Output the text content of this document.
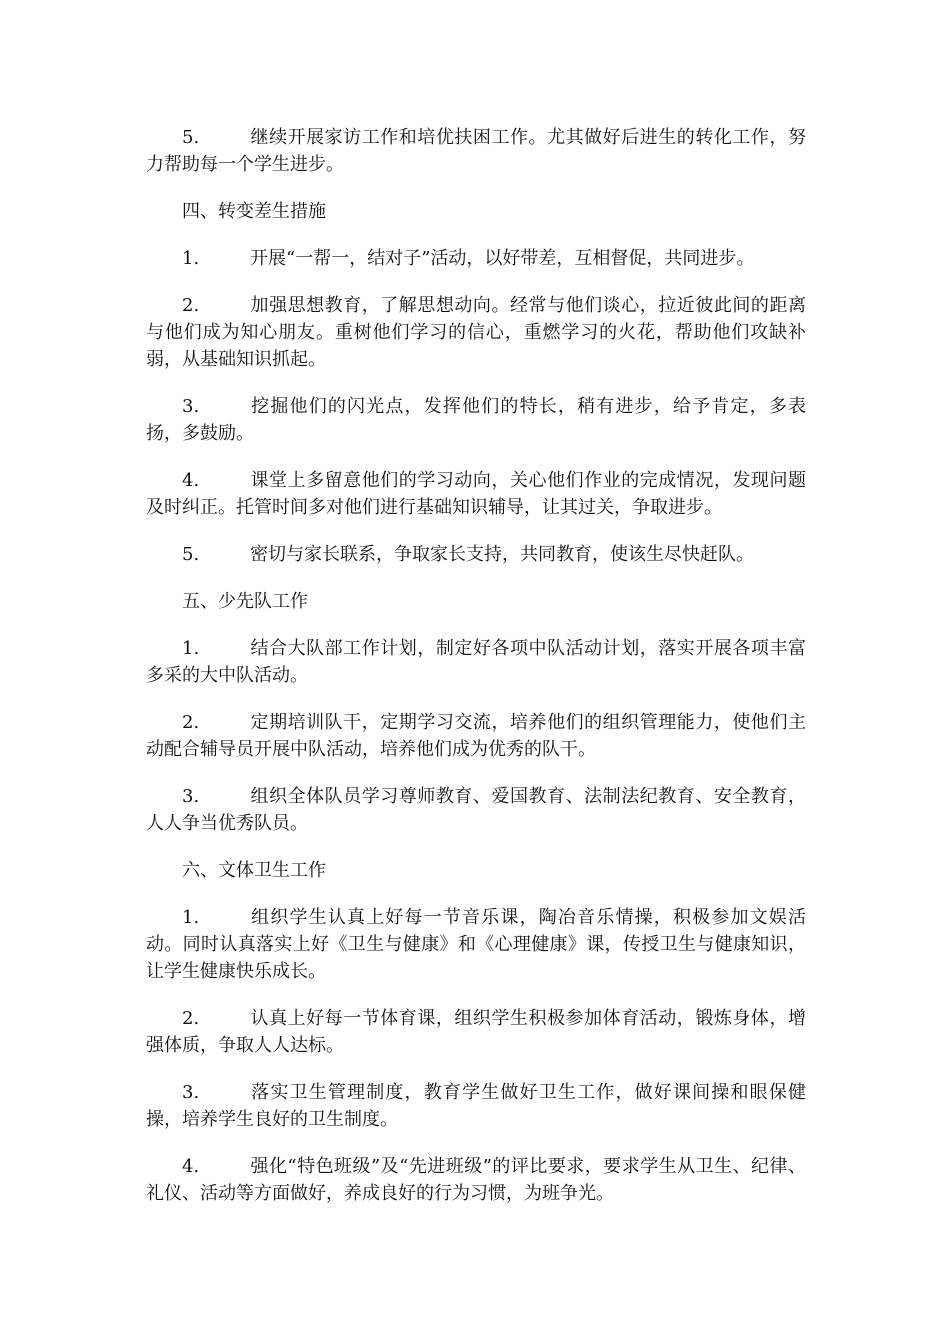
5.	继续开展家访工作和培优扶困工作。尤其做好后进生的转化工作，努力帮助每一个学生进步。

四、转变差生措施

1.	开展“一帮一，结对子”活动，以好带差，互相督促，共同进步。

2.	加强思想教育，了解思想动向。经常与他们谈心，拉近彼此间的距离与他们成为知心朋友。重树他们学习的信心，重燃学习的火花，帮助他们攻缺补弱，从基础知识抓起。

3.	挖掘他们的闪光点，发挥他们的特长，稍有进步，给予肯定，多表扬，多鼓励。

4.	课堂上多留意他们的学习动向，关心他们作业的完成情况，发现问题及时纠正。托管时间多对他们进行基础知识辅导，让其过关，争取进步。

5.	密切与家长联系，争取家长支持，共同教育，使该生尽快赶队。

五、少先队工作

1.	结合大队部工作计划，制定好各项中队活动计划，落实开展各项丰富多采的大中队活动。

2.	定期培训队干，定期学习交流，培养他们的组织管理能力，使他们主动配合辅导员开展中队活动，培养他们成为优秀的队干。

3.	组织全体队员学习尊师教育、爱国教育、法制法纪教育、安全教育，人人争当优秀队员。

六、文体卫生工作

1.	组织学生认真上好每一节音乐课，陶冶音乐情操，积极参加文娱活动。同时认真落实上好《卫生与健康》和《心理健康》课，传授卫生与健康知识，让学生健康快乐成长。

2.	认真上好每一节体育课，组织学生积极参加体育活动，锻炼身体，增强体质，争取人人达标。

3.	落实卫生管理制度，教育学生做好卫生工作，做好课间操和眼保健操，培养学生良好的卫生制度。

4.	强化“特色班级”及“先进班级”的评比要求，要求学生从卫生、纪律、礼仪、活动等方面做好，养成良好的行为习惯，为班争光。
